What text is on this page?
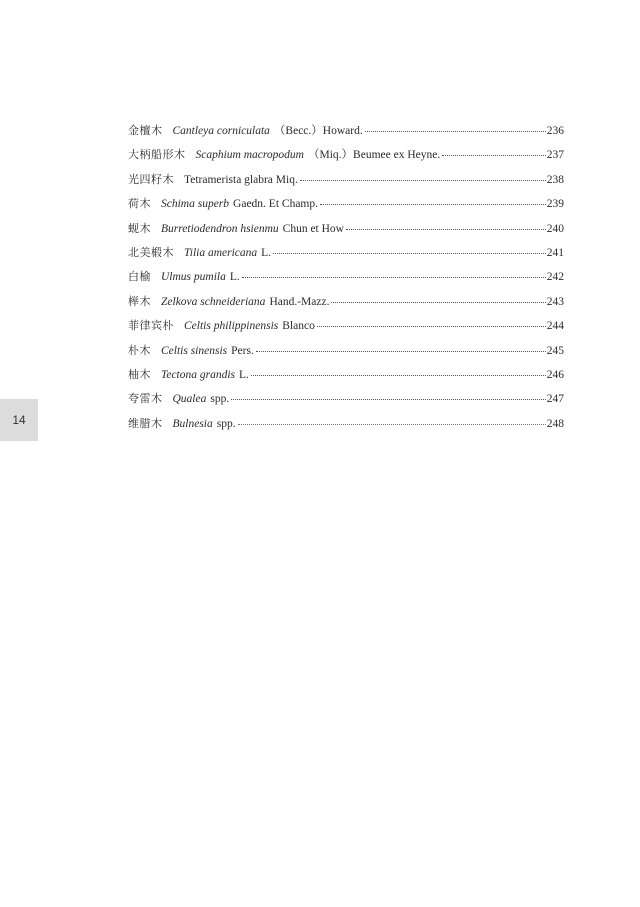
14
金檀木 Cantleya corniculata （Becc.）Howard.	236
大柄船形木 Scaphium macropodum （Miq.）Beumee ex Heyne.	237
光四籽木 Tetramerista glabra Miq.	238
荷木 Schima superb Gaedn. Et Champ.	239
蚬木 Burretiodendron hsienmu Chun et How	240
北美椴木 Tilia americana L.	241
白榆 Ulmus pumila L.	242
榉木 Zelkova schneideriana Hand.-Mazz.	243
菲律宾朴 Celtis philippinensis Blanco	244
朴木 Celtis sinensis Pers.	245
柚木 Tectona grandis L.	246
夸雷木 Qualea spp.	247
维腊木 Bulnesia spp.	248
